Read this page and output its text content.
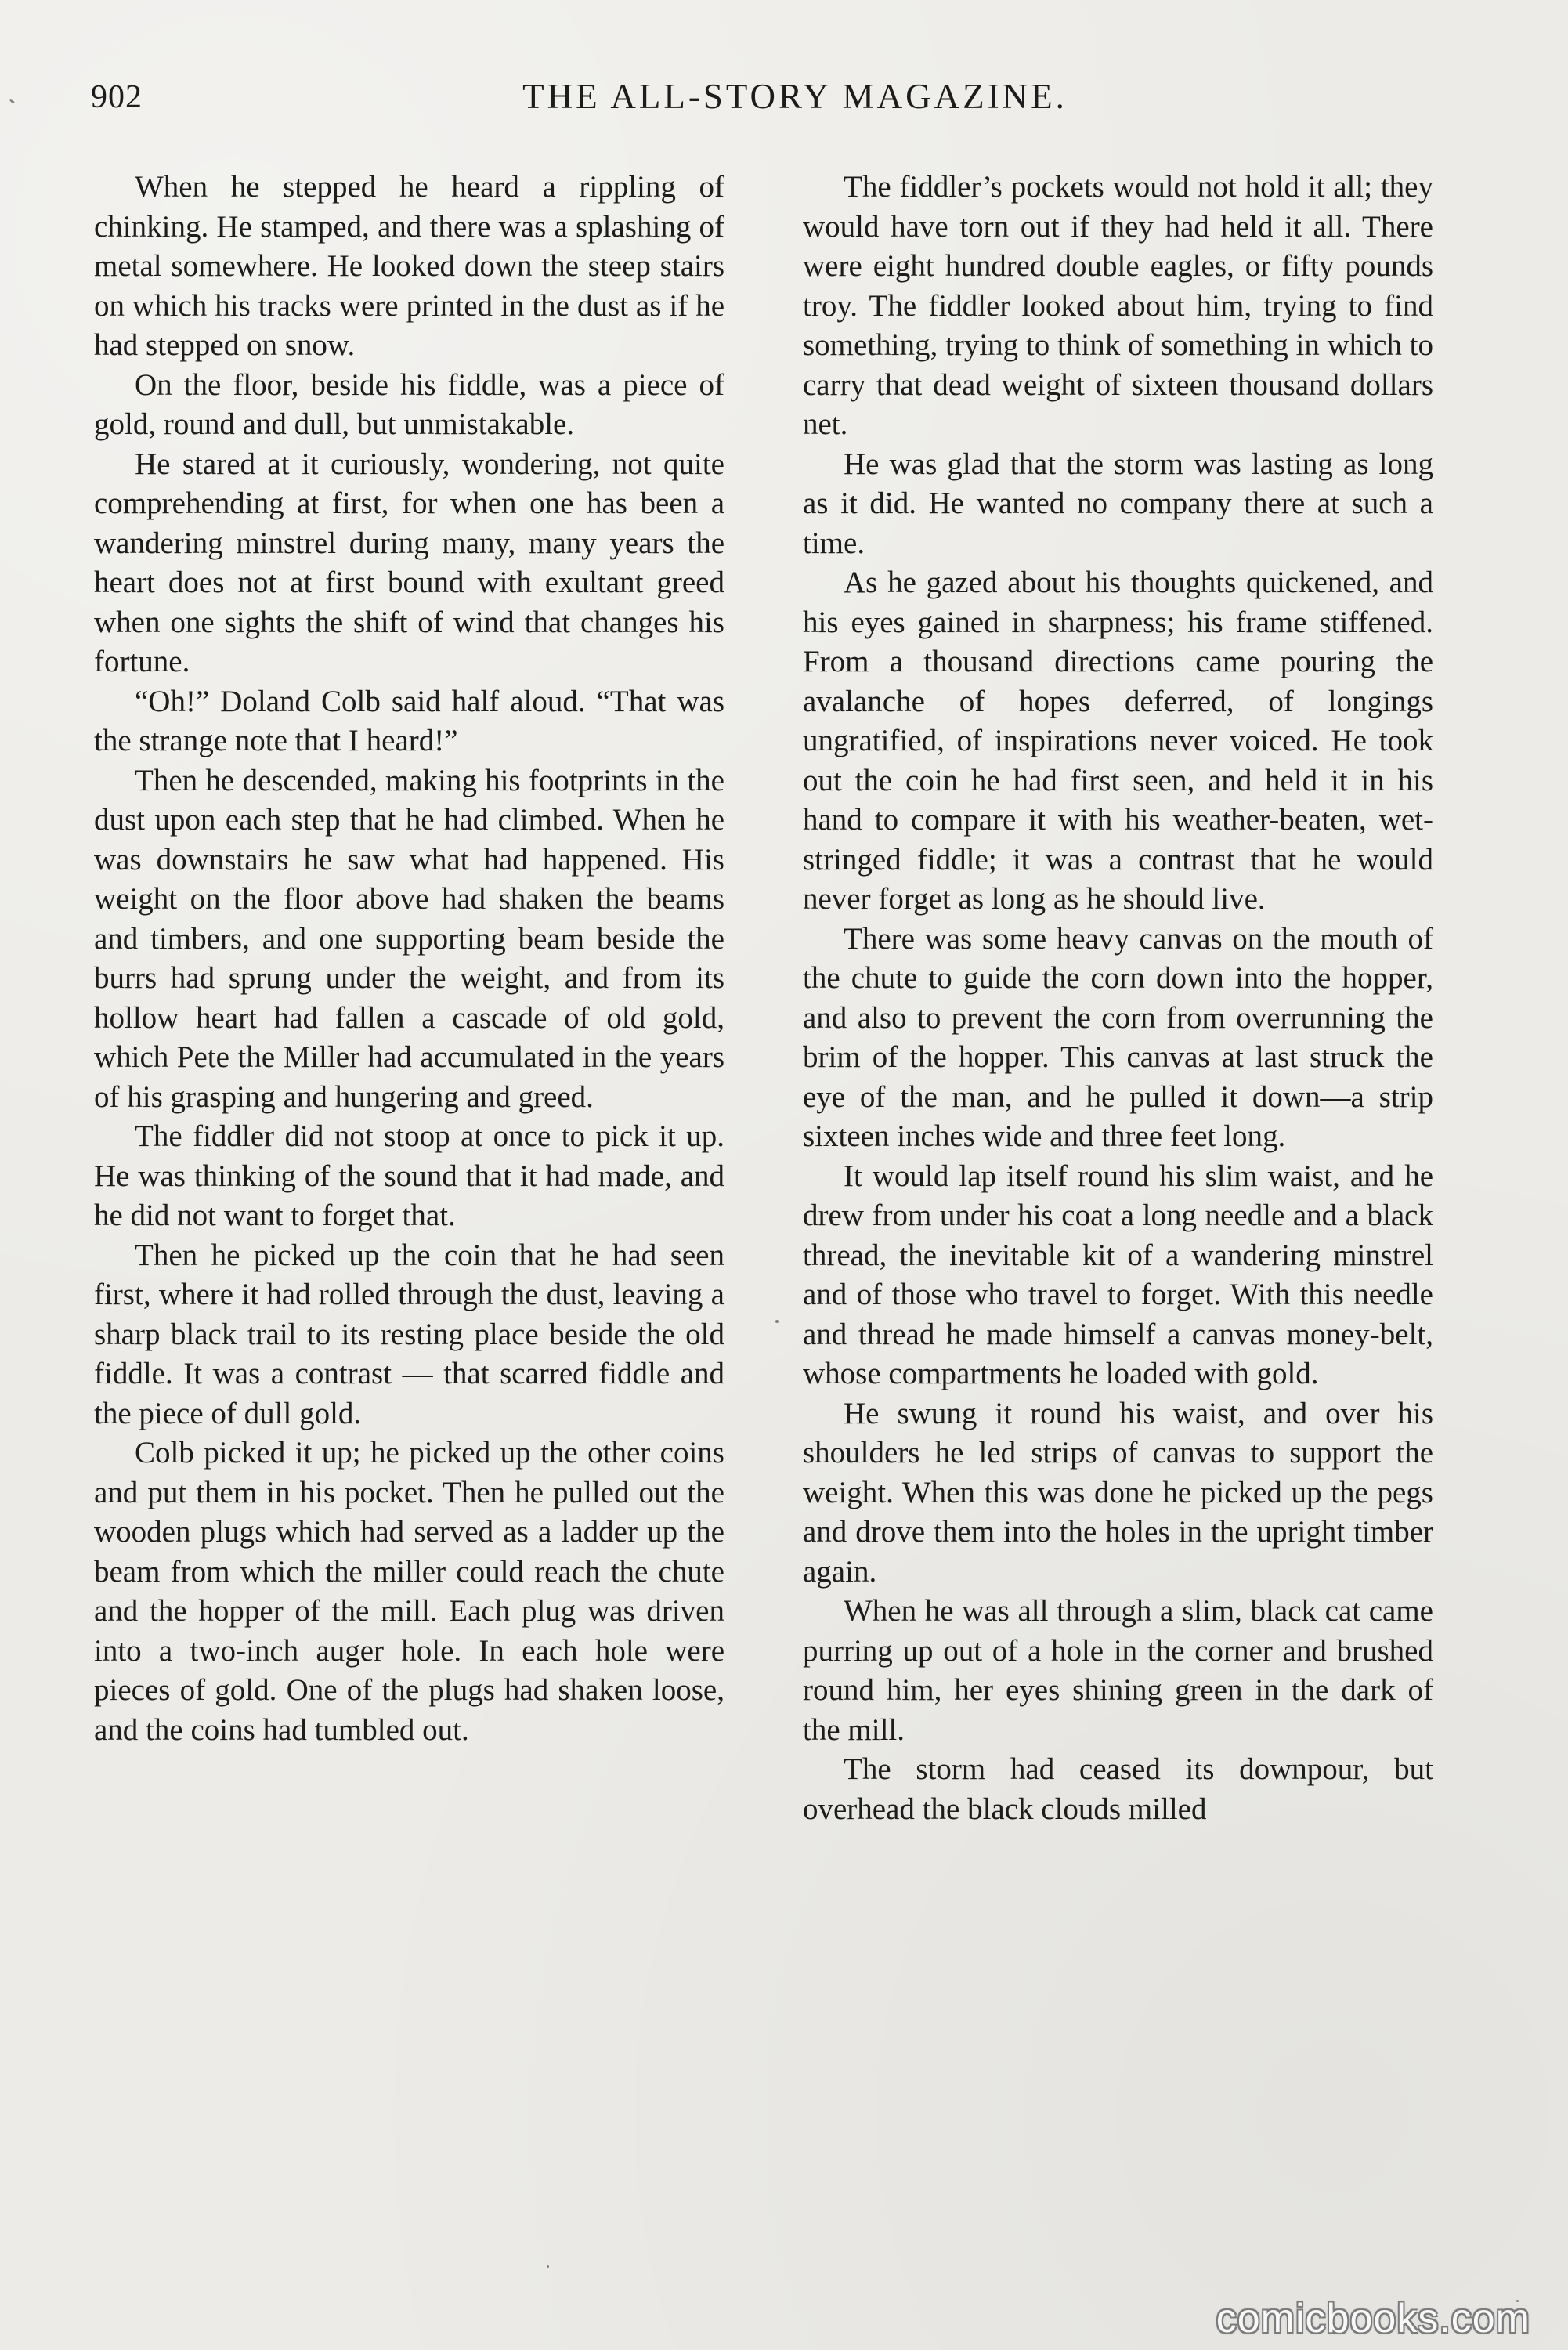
902	THE ALL-STORY MAGAZINE.

When he stepped he heard a rippling of chinking. He stamped, and there was a splashing of metal somewhere. He looked down the steep stairs on which his tracks were printed in the dust as if he had stepped on snow.

On the floor, beside his fiddle, was a piece of gold, round and dull, but unmistakable.

He stared at it curiously, wondering, not quite comprehending at first, for when one has been a wandering minstrel during many, many years the heart does not at first bound with exultant greed when one sights the shift of wind that changes his fortune.

“Oh!” Doland Colb said half aloud. “That was the strange note that I heard!”

Then he descended, making his footprints in the dust upon each step that he had climbed. When he was downstairs he saw what had happened. His weight on the floor above had shaken the beams and timbers, and one supporting beam beside the burrs had sprung under the weight, and from its hollow heart had fallen a cascade of old gold, which Pete the Miller had accumulated in the years of his grasping and hungering and greed.

The fiddler did not stoop at once to pick it up. He was thinking of the sound that it had made, and he did not want to forget that.

Then he picked up the coin that he had seen first, where it had rolled through the dust, leaving a sharp black trail to its resting place beside the old fiddle. It was a contrast — that scarred fiddle and the piece of dull gold.

Colb picked it up; he picked up the other coins and put them in his pocket. Then he pulled out the wooden plugs which had served as a ladder up the beam from which the miller could reach the chute and the hopper of the mill. Each plug was driven into a two-inch auger hole. In each hole were pieces of gold. One of the plugs had shaken loose, and the coins had tumbled out.

The fiddler’s pockets would not hold it all; they would have torn out if they had held it all. There were eight hundred double eagles, or fifty pounds troy. The fiddler looked about him, trying to find something, trying to think of something in which to carry that dead weight of sixteen thousand dollars net.

He was glad that the storm was lasting as long as it did. He wanted no company there at such a time.

As he gazed about his thoughts quickened, and his eyes gained in sharpness; his frame stiffened. From a thousand directions came pouring the avalanche of hopes deferred, of longings ungratified, of inspirations never voiced. He took out the coin he had first seen, and held it in his hand to compare it with his weather-beaten, wet-stringed fiddle; it was a contrast that he would never forget as long as he should live.

There was some heavy canvas on the mouth of the chute to guide the corn down into the hopper, and also to prevent the corn from overrunning the brim of the hopper. This canvas at last struck the eye of the man, and he pulled it down—a strip sixteen inches wide and three feet long.

It would lap itself round his slim waist, and he drew from under his coat a long needle and a black thread, the inevitable kit of a wandering minstrel and of those who travel to forget. With this needle and thread he made himself a canvas money-belt, whose compartments he loaded with gold.

He swung it round his waist, and over his shoulders he led strips of canvas to support the weight. When this was done he picked up the pegs and drove them into the holes in the upright timber again.

When he was all through a slim, black cat came purring up out of a hole in the corner and brushed round him, her eyes shining green in the dark of the mill.

The storm had ceased its downpour, but overhead the black clouds milled

comicbooks.com
